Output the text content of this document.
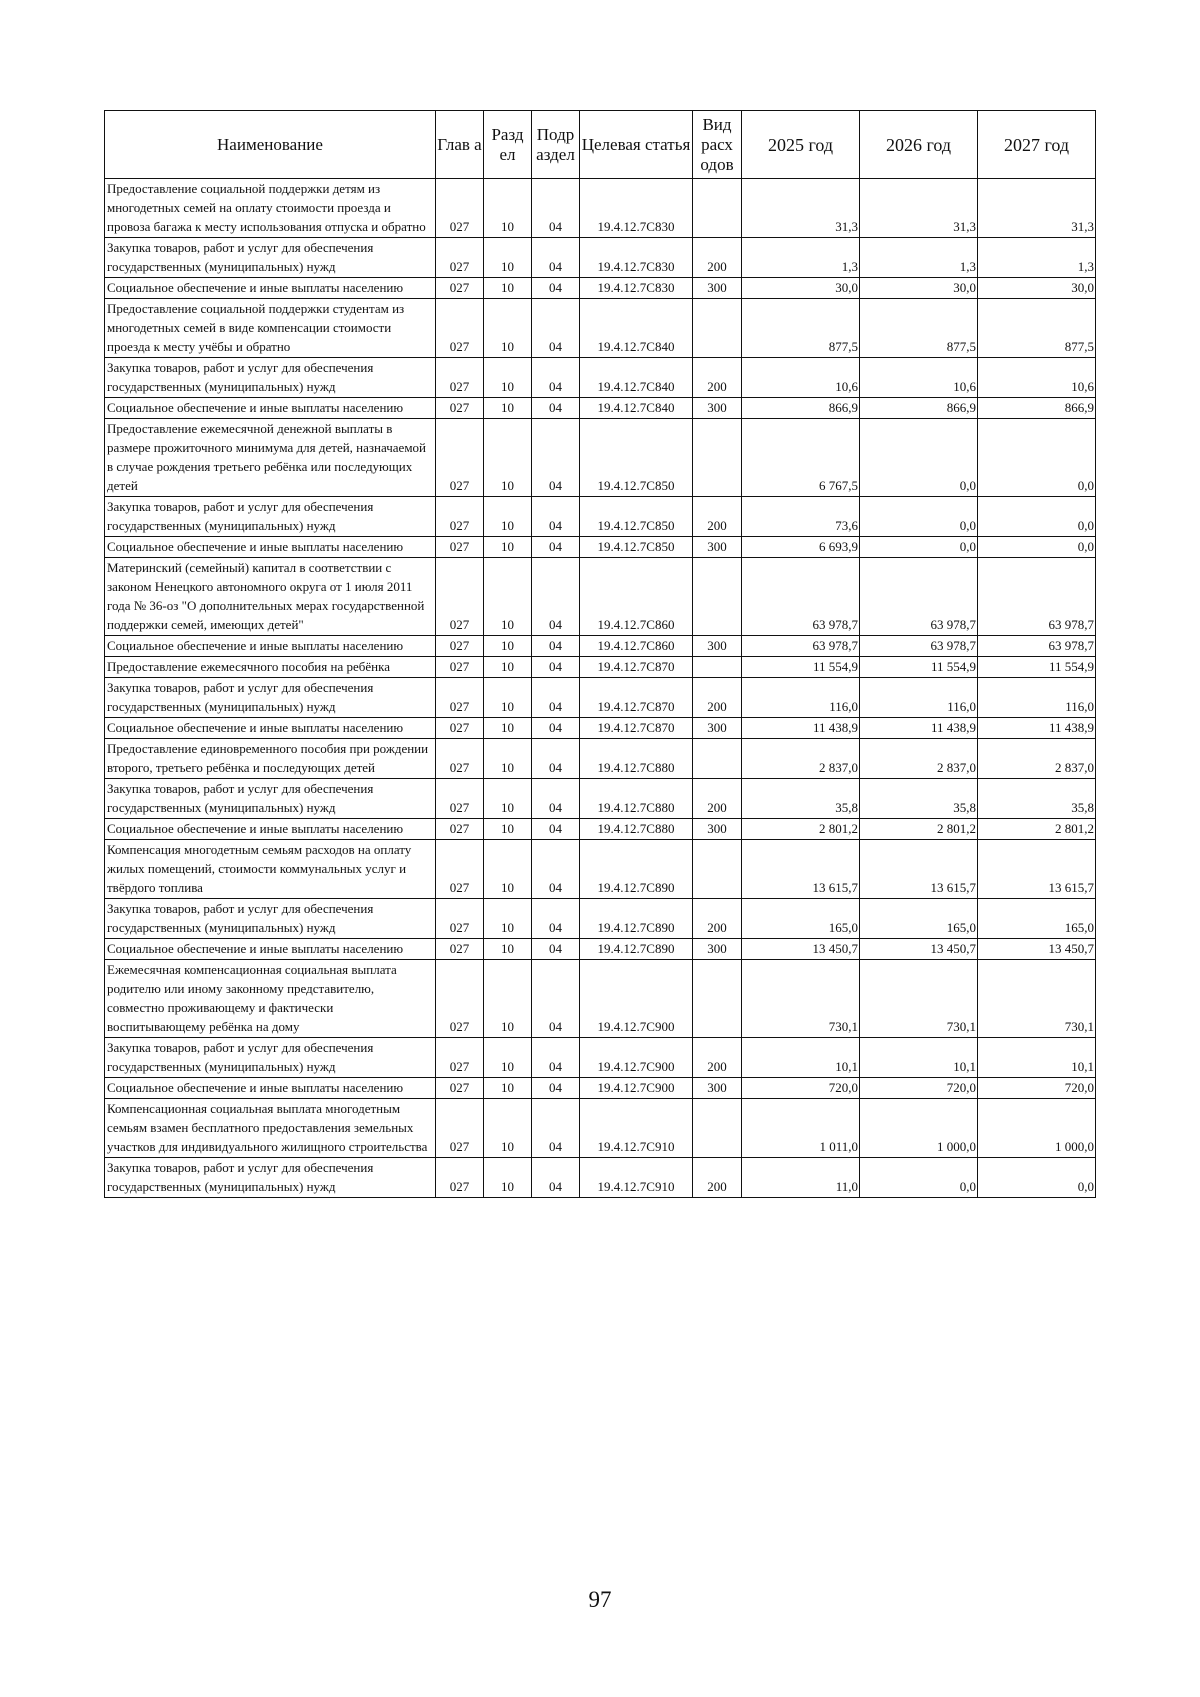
Наименование	Глав а	Разд ел	Подр аздел	Целевая статья	Вид расх одов	2025 год	2026 год	2027 год
Предоставление социальной поддержки детям из многодетных семей на оплату стоимости проезда и провоза багажа к месту использования отпуска и обратно	027	10	04	19.4.12.7С830		31,3	31,3	31,3
Закупка товаров, работ и услуг для обеспечения государственных (муниципальных) нужд	027	10	04	19.4.12.7С830	200	1,3	1,3	1,3
Социальное обеспечение и иные выплаты населению	027	10	04	19.4.12.7С830	300	30,0	30,0	30,0
Предоставление социальной поддержки студентам из многодетных семей в виде компенсации стоимости проезда к месту учёбы и обратно	027	10	04	19.4.12.7С840		877,5	877,5	877,5
Закупка товаров, работ и услуг для обеспечения государственных (муниципальных) нужд	027	10	04	19.4.12.7С840	200	10,6	10,6	10,6
Социальное обеспечение и иные выплаты населению	027	10	04	19.4.12.7С840	300	866,9	866,9	866,9
Предоставление ежемесячной денежной выплаты в размере прожиточного минимума для детей, назначаемой в случае рождения третьего ребёнка или последующих детей	027	10	04	19.4.12.7С850		6 767,5	0,0	0,0
Закупка товаров, работ и услуг для обеспечения государственных (муниципальных) нужд	027	10	04	19.4.12.7С850	200	73,6	0,0	0,0
Социальное обеспечение и иные выплаты населению	027	10	04	19.4.12.7С850	300	6 693,9	0,0	0,0
Материнский (семейный) капитал в соответствии с законом Ненецкого автономного округа от 1 июля 2011 года № 36-оз "О дополнительных мерах государственной поддержки семей, имеющих детей"	027	10	04	19.4.12.7С860		63 978,7	63 978,7	63 978,7
Социальное обеспечение и иные выплаты населению	027	10	04	19.4.12.7С860	300	63 978,7	63 978,7	63 978,7
Предоставление ежемесячного пособия на ребёнка	027	10	04	19.4.12.7С870		11 554,9	11 554,9	11 554,9
Закупка товаров, работ и услуг для обеспечения государственных (муниципальных) нужд	027	10	04	19.4.12.7С870	200	116,0	116,0	116,0
Социальное обеспечение и иные выплаты населению	027	10	04	19.4.12.7С870	300	11 438,9	11 438,9	11 438,9
Предоставление единовременного пособия при рождении второго, третьего ребёнка и последующих детей	027	10	04	19.4.12.7С880		2 837,0	2 837,0	2 837,0
Закупка товаров, работ и услуг для обеспечения государственных (муниципальных) нужд	027	10	04	19.4.12.7С880	200	35,8	35,8	35,8
Социальное обеспечение и иные выплаты населению	027	10	04	19.4.12.7С880	300	2 801,2	2 801,2	2 801,2
Компенсация многодетным семьям расходов на оплату жилых помещений, стоимости коммунальных услуг и твёрдого топлива	027	10	04	19.4.12.7С890		13 615,7	13 615,7	13 615,7
Закупка товаров, работ и услуг для обеспечения государственных (муниципальных) нужд	027	10	04	19.4.12.7С890	200	165,0	165,0	165,0
Социальное обеспечение и иные выплаты населению	027	10	04	19.4.12.7С890	300	13 450,7	13 450,7	13 450,7
Ежемесячная компенсационная социальная выплата родителю или иному законному представителю, совместно проживающему и фактически воспитывающему ребёнка на дому	027	10	04	19.4.12.7С900		730,1	730,1	730,1
Закупка товаров, работ и услуг для обеспечения государственных (муниципальных) нужд	027	10	04	19.4.12.7С900	200	10,1	10,1	10,1
Социальное обеспечение и иные выплаты населению	027	10	04	19.4.12.7С900	300	720,0	720,0	720,0
Компенсационная социальная выплата многодетным семьям взамен бесплатного предоставления земельных участков для индивидуального жилищного строительства	027	10	04	19.4.12.7С910		1 011,0	1 000,0	1 000,0
Закупка товаров, работ и услуг для обеспечения государственных (муниципальных) нужд	027	10	04	19.4.12.7С910	200	11,0	0,0	0,0
97
